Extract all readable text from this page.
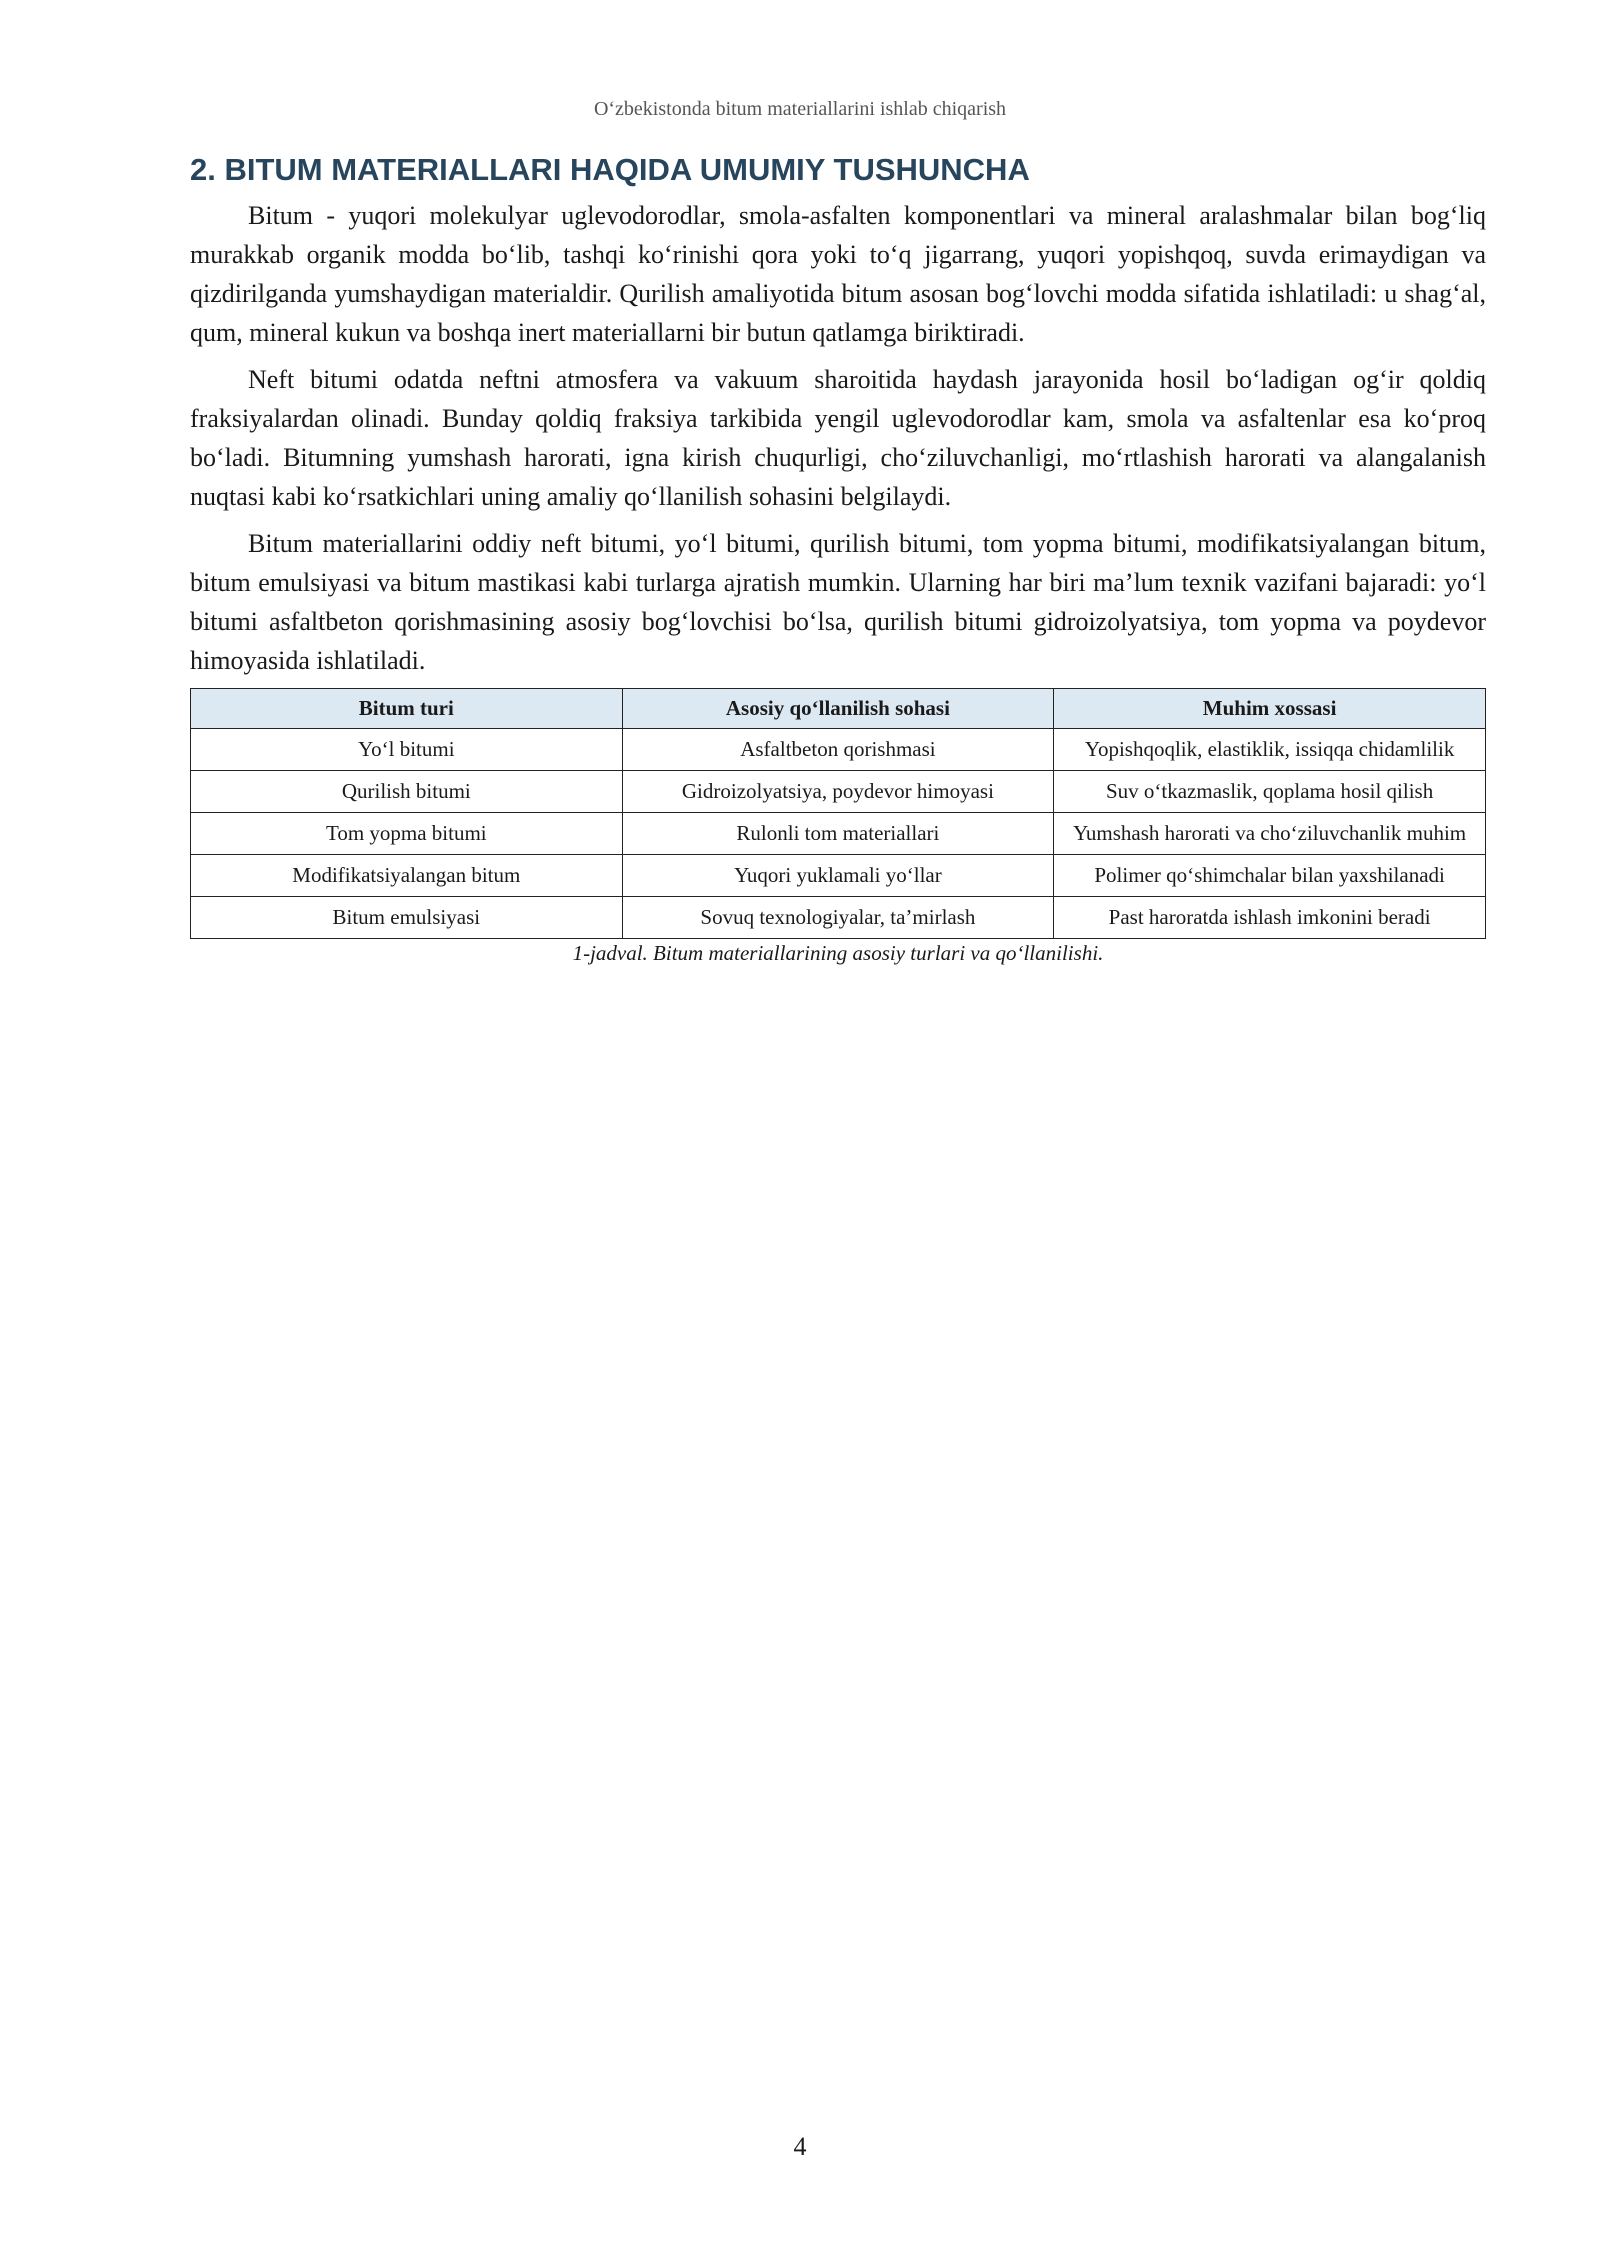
O‘zbekistonda bitum materiallarini ishlab chiqarish
2. BITUM MATERIALLARI HAQIDA UMUMIY TUSHUNCHA

Bitum - yuqori molekulyar uglevodorodlar, smola-asfalten komponentlari va mineral aralashmalar bilan bog‘liq murakkab organik modda bo‘lib, tashqi ko‘rinishi qora yoki to‘q jigarrang, yuqori yopishqoq, suvda erimaydigan va qizdirilganda yumshaydigan materialdir. Qurilish amaliyotida bitum asosan bog‘lovchi modda sifatida ishlatiladi: u shag‘al, qum, mineral kukun va boshqa inert materiallarni bir butun qatlamga biriktiradi.

Neft bitumi odatda neftni atmosfera va vakuum sharoitida haydash jarayonida hosil bo‘ladigan og‘ir qoldiq fraksiyalardan olinadi. Bunday qoldiq fraksiya tarkibida yengil uglevodorodlar kam, smola va asfaltenlar esa ko‘proq bo‘ladi. Bitumning yumshash harorati, igna kirish chuqurligi, cho‘ziluvchanligi, mo‘rtlashish harorati va alangalanish nuqtasi kabi ko‘rsatkichlari uning amaliy qo‘llanilish sohasini belgilaydi.

Bitum materiallarini oddiy neft bitumi, yo‘l bitumi, qurilish bitumi, tom yopma bitumi, modifikatsiyalangan bitum, bitum emulsiyasi va bitum mastikasi kabi turlarga ajratish mumkin. Ularning har biri ma’lum texnik vazifani bajaradi: yo‘l bitumi asfaltbeton qorishmasining asosiy bog‘lovchisi bo‘lsa, qurilish bitumi gidroizolyatsiya, tom yopma va poydevor himoyasida ishlatiladi.

Bitum turi	Asosiy qo‘llanilish sohasi	Muhim xossasi
Yo‘l bitumi	Asfaltbeton qorishmasi	Yopishqoqlik, elastiklik, issiqqa chidamlilik
Qurilish bitumi	Gidroizolyatsiya, poydevor himoyasi	Suv o‘tkazmaslik, qoplama hosil qilish
Tom yopma bitumi	Rulonli tom materiallari	Yumshash harorati va cho‘ziluvchanlik muhim
Modifikatsiyalangan bitum	Yuqori yuklamali yo‘llar	Polimer qo‘shimchalar bilan yaxshilanadi
Bitum emulsiyasi	Sovuq texnologiyalar, ta’mirlash	Past haroratda ishlash imkonini beradi
1-jadval. Bitum materiallarining asosiy turlari va qo‘llanilishi.
4
